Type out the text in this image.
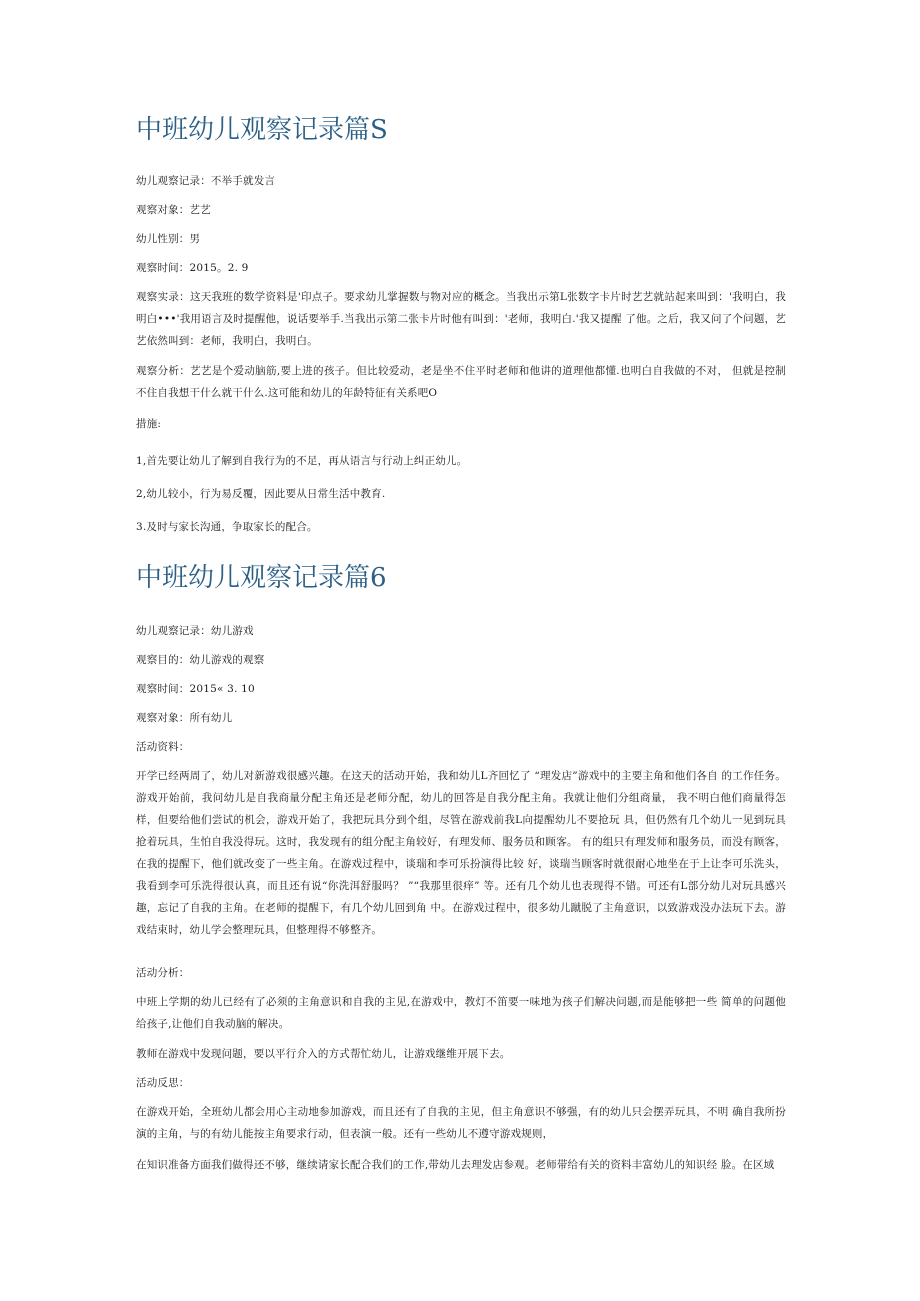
中班幼儿观察记录篇S

幼儿观察记录：不举手就发言

观察对象：艺艺

幼儿性别：男

观察时间：2015。2. 9

观察实录：这天我班的数学资料是'印点子。要求幼儿掌握数与物对应的概念。当我出示第L张数字卡片时艺艺就站起来叫到：'我明白，我明白•••'我用语言及时提醒他，说话要举手.当我出示第二张卡片时他有叫到：'老师，我明白.'我又提醒 了他。之后，我又问了个问题，艺艺依然叫到：老师，我明白，我明白。

观察分析：艺艺是个爱动脑筋,要上进的孩子。但比较爱动，老是坐不住平时老师和他讲的道理他都懂.也明白自我做的不对， 但就是控制不住自我想干什么就干什么.这可能和幼儿的年龄特征有关系吧O

措施:

1,首先要让幼儿了解到自我行为的不足，再从语言与行动上纠正幼儿。

2,幼儿较小，行为易反覆，因此要从日常生活中教育.

3.及时与家长沟通，争取家长的配合。

中班幼儿观察记录篇6

幼儿观察记录：幼儿游戏

观察目的：幼儿游戏的观察

观察时间：2015« 3. 10

观察对象：所有幼儿

活动资料：

开学已经两周了，幼儿对新游戏很感兴趣。在这天的活动开始，我和幼儿L齐回忆了 “理发店”游戏中的主要主角和他们各自 的工作任务。游戏开始前，我问幼儿是自我商量分配主角还是老师分配，幼儿的回答是自我分配主角。我就让他们分组商量， 我不明白他们商量得怎样，但要给他们尝试的机会，游戏开始了，我把玩具分到个组，尽管在游戏前我L向提醒幼儿不要抢玩 具，但仍然有几个幼儿一见到玩具抢着玩具，生怕自我没得玩。这时，我发现有的组分配主角较好，有理发师、服务员和顾客。 有的组只有理发师和服务员，而没有顾客，在我的提醒下，他们就改变了一些主角。在游戏过程中，谈瑞和李可乐扮演得比较 好，谈瑞当顾客时就很耐心地坐在于上让李可乐洗头，我看到李可乐洗得很认真，而且还有说“你洗洱舒服吗？ ”“我那里很痒” 等。还有几个幼儿也表现得不错。可还有L部分幼儿对玩具感兴趣，忘记了自我的主角。在老师的提醒下，有几个幼儿回到角 中。在游戏过程中，很多幼儿蹴脱了主角意识，以致游戏没办法玩下去。游戏结束时，幼儿学会整理玩具，但整理得不够整齐。

活动分析：

中班上学期的幼儿已经有了必须的主角意识和自我的主见,在游戏中，教灯不笛要一味地为孩子们解决问题,而是能够把一些 简单的问题他给孩子,让他们自我动脑的解决。

教师在游戏中发现问题，要以平行介入的方式帮忙幼儿，让游戏继维开展下去。

活动反思：

在游戏开始，全班幼儿都会用心主动地参加游戏，而且还有了自我的主见，但主角意识不够强，有的幼儿只会摆弄玩具，不明 确自我所扮演的主角，与的有幼儿能按主角要求行动，但表演一般。还有一些幼儿不遵守游戏规则，

在知识准备方面我们做得还不够，继续请家长配合我们的工作,带幼儿去理发店参观。老师带给有关的资料丰富幼儿的知识经 脸。在区域
